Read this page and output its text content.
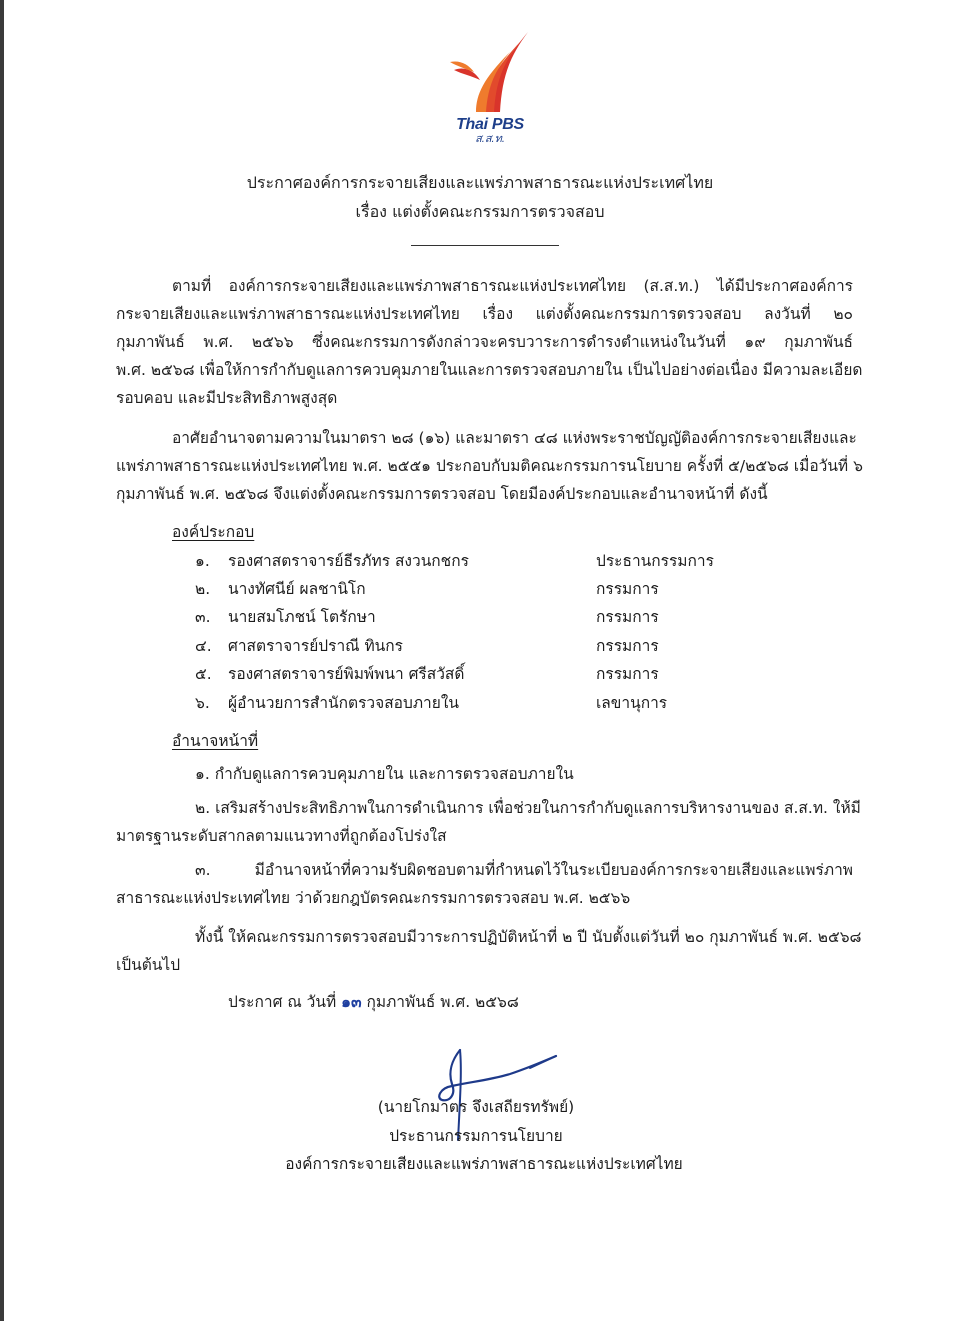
Thai PBS
ส.ส.ท.
ประกาศองค์การกระจายเสียงและแพร่ภาพสาธารณะแห่งประเทศไทย
เรื่อง แต่งตั้งคณะกรรมการตรวจสอบ
ตามที่ องค์การกระจายเสียงและแพร่ภาพสาธารณะแห่งประเทศไทย (ส.ส.ท.) ได้มีประกาศองค์การ
กระจายเสียงและแพร่ภาพสาธารณะแห่งประเทศไทย เรื่อง แต่งตั้งคณะกรรมการตรวจสอบ ลงวันที่ ๒๐
กุมภาพันธ์ พ.ศ. ๒๕๖๖ ซึ่งคณะกรรมการดังกล่าวจะครบวาระการดำรงตำแหน่งในวันที่ ๑๙ กุมภาพันธ์
พ.ศ. ๒๕๖๘ เพื่อให้การกำกับดูแลการควบคุมภายในและการตรวจสอบภายใน เป็นไปอย่างต่อเนื่อง มีความละเอียด
รอบคอบ และมีประสิทธิภาพสูงสุด
อาศัยอำนาจตามความในมาตรา ๒๘ (๑๖) และมาตรา ๔๘ แห่งพระราชบัญญัติองค์การกระจายเสียงและ
แพร่ภาพสาธารณะแห่งประเทศไทย พ.ศ. ๒๕๕๑ ประกอบกับมติคณะกรรมการนโยบาย ครั้งที่ ๕/๒๕๖๘ เมื่อวันที่ ๖
กุมภาพันธ์ พ.ศ. ๒๕๖๘ จึงแต่งตั้งคณะกรรมการตรวจสอบ โดยมีองค์ประกอบและอำนาจหน้าที่ ดังนี้
องค์ประกอบ
๑. รองศาสตราจารย์ธีรภัทร สงวนกชกร	ประธานกรรมการ
๒. นางทัศนีย์ ผลชานิโก	กรรมการ
๓. นายสมโภชน์ โตรักษา	กรรมการ
๔. ศาสตราจารย์ปราณี ทินกร	กรรมการ
๕. รองศาสตราจารย์พิมพ์พนา ศรีสวัสดิ์	กรรมการ
๖. ผู้อำนวยการสำนักตรวจสอบภายใน	เลขานุการ
อำนาจหน้าที่
๑. กำกับดูแลการควบคุมภายใน และการตรวจสอบภายใน
๒. เสริมสร้างประสิทธิภาพในการดำเนินการ เพื่อช่วยในการกำกับดูแลการบริหารงานของ ส.ส.ท. ให้มี
มาตรฐานระดับสากลตามแนวทางที่ถูกต้องโปร่งใส
๓. มีอำนาจหน้าที่ความรับผิดชอบตามที่กำหนดไว้ในระเบียบองค์การกระจายเสียงและแพร่ภาพ
สาธารณะแห่งประเทศไทย ว่าด้วยกฎบัตรคณะกรรมการตรวจสอบ พ.ศ. ๒๕๖๖
ทั้งนี้ ให้คณะกรรมการตรวจสอบมีวาระการปฏิบัติหน้าที่ ๒ ปี นับตั้งแต่วันที่ ๒๐ กุมภาพันธ์ พ.ศ. ๒๕๖๘
เป็นต้นไป
ประกาศ ณ วันที่ ๑๓ กุมภาพันธ์ พ.ศ. ๒๕๖๘
(นายโกมาตร จึงเสถียรทรัพย์)
ประธานกรรมการนโยบาย
องค์การกระจายเสียงและแพร่ภาพสาธารณะแห่งประเทศไทย
